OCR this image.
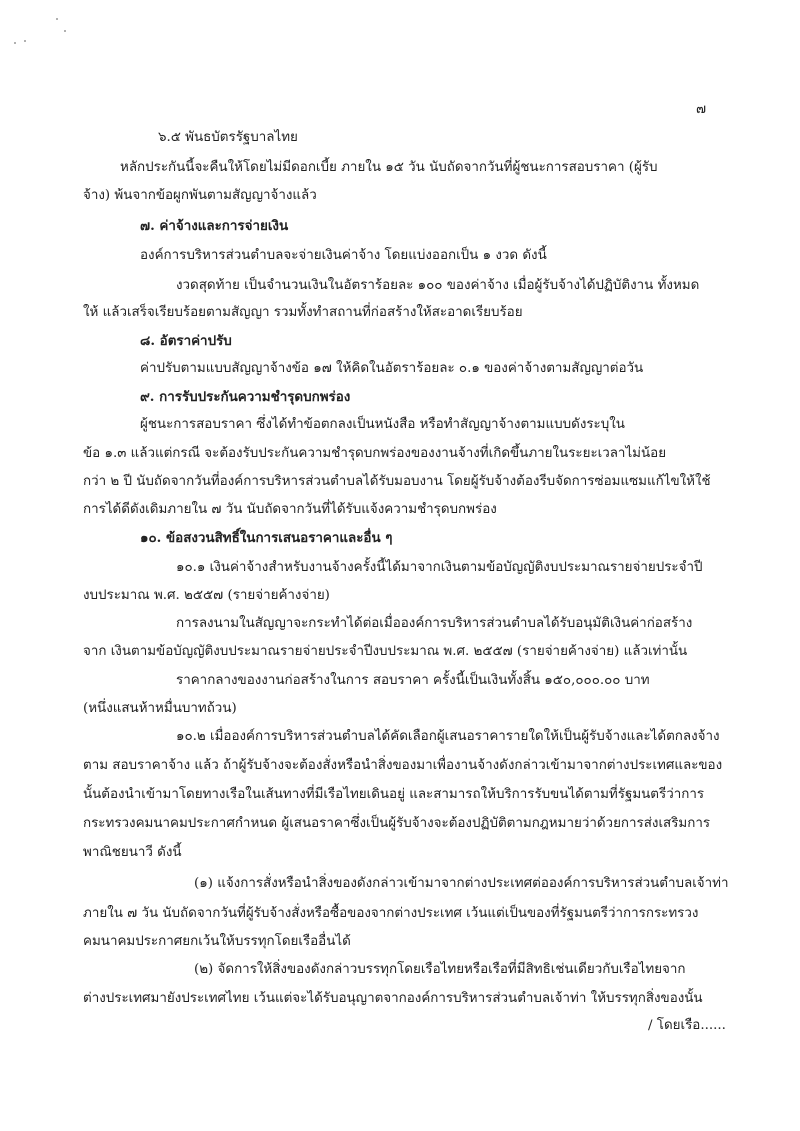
๗
๖.๕ พันธบัตรรัฐบาลไทย
หลักประกันนี้จะคืนให้โดยไม่มีดอกเบี้ย ภายใน ๑๕ วัน นับถัดจากวันที่ผู้ชนะการสอบราคา (ผู้รับ
จ้าง) พ้นจากข้อผูกพันตามสัญญาจ้างแล้ว
๗. ค่าจ้างและการจ่ายเงิน
องค์การบริหารส่วนตำบลจะจ่ายเงินค่าจ้าง โดยแบ่งออกเป็น ๑ งวด ดังนี้
งวดสุดท้าย เป็นจำนวนเงินในอัตราร้อยละ ๑๐๐ ของค่าจ้าง เมื่อผู้รับจ้างได้ปฏิบัติงาน ทั้งหมด
ให้ แล้วเสร็จเรียบร้อยตามสัญญา รวมทั้งทำสถานที่ก่อสร้างให้สะอาดเรียบร้อย
๘. อัตราค่าปรับ
ค่าปรับตามแบบสัญญาจ้างข้อ ๑๗ ให้คิดในอัตราร้อยละ ๐.๑ ของค่าจ้างตามสัญญาต่อวัน
๙. การรับประกันความชำรุดบกพร่อง
ผู้ชนะการสอบราคา ซึ่งได้ทำข้อตกลงเป็นหนังสือ หรือทำสัญญาจ้างตามแบบดังระบุใน
ข้อ ๑.๓ แล้วแต่กรณี จะต้องรับประกันความชำรุดบกพร่องของงานจ้างที่เกิดขึ้นภายในระยะเวลาไม่น้อย
กว่า ๒ ปี นับถัดจากวันที่องค์การบริหารส่วนตำบลได้รับมอบงาน โดยผู้รับจ้างต้องรีบจัดการซ่อมแซมแก้ไขให้ใช้
การได้ดีดังเดิมภายใน ๗ วัน นับถัดจากวันที่ได้รับแจ้งความชำรุดบกพร่อง
๑๐. ข้อสงวนสิทธิ์ในการเสนอราคาและอื่น ๆ
๑๐.๑ เงินค่าจ้างสำหรับงานจ้างครั้งนี้ได้มาจากเงินตามข้อบัญญัติงบประมาณรายจ่ายประจำปี
งบประมาณ พ.ศ. ๒๕๕๗ (รายจ่ายค้างจ่าย)
การลงนามในสัญญาจะกระทำได้ต่อเมื่อองค์การบริหารส่วนตำบลได้รับอนุมัติเงินค่าก่อสร้าง
จาก เงินตามข้อบัญญัติงบประมาณรายจ่ายประจำปีงบประมาณ พ.ศ. ๒๕๕๗ (รายจ่ายค้างจ่าย) แล้วเท่านั้น
ราคากลางของงานก่อสร้างในการ สอบราคา ครั้งนี้เป็นเงินทั้งสิ้น ๑๕๐,๐๐๐.๐๐ บาท
(หนึ่งแสนห้าหมื่นบาทถ้วน)
๑๐.๒ เมื่อองค์การบริหารส่วนตำบลได้คัดเลือกผู้เสนอราคารายใดให้เป็นผู้รับจ้างและได้ตกลงจ้าง
ตาม สอบราคาจ้าง แล้ว ถ้าผู้รับจ้างจะต้องสั่งหรือนำสิ่งของมาเพื่องานจ้างดังกล่าวเข้ามาจากต่างประเทศและของ
นั้นต้องนำเข้ามาโดยทางเรือในเส้นทางที่มีเรือไทยเดินอยู่ และสามารถให้บริการรับขนได้ตามที่รัฐมนตรีว่าการ
กระทรวงคมนาคมประกาศกำหนด ผู้เสนอราคาซึ่งเป็นผู้รับจ้างจะต้องปฏิบัติตามกฎหมายว่าด้วยการส่งเสริมการ
พาณิชยนาวี ดังนี้
(๑) แจ้งการสั่งหรือนำสิ่งของดังกล่าวเข้ามาจากต่างประเทศต่อองค์การบริหารส่วนตำบลเจ้าท่า
ภายใน ๗ วัน นับถัดจากวันที่ผู้รับจ้างสั่งหรือซื้อของจากต่างประเทศ เว้นแต่เป็นของที่รัฐมนตรีว่าการกระทรวง
คมนาคมประกาศยกเว้นให้บรรทุกโดยเรืออื่นได้
(๒) จัดการให้สิ่งของดังกล่าวบรรทุกโดยเรือไทยหรือเรือที่มีสิทธิเช่นเดียวกับเรือไทยจาก
ต่างประเทศมายังประเทศไทย เว้นแต่จะได้รับอนุญาตจากองค์การบริหารส่วนตำบลเจ้าท่า ให้บรรทุกสิ่งของนั้น
/ โดยเรือ......
